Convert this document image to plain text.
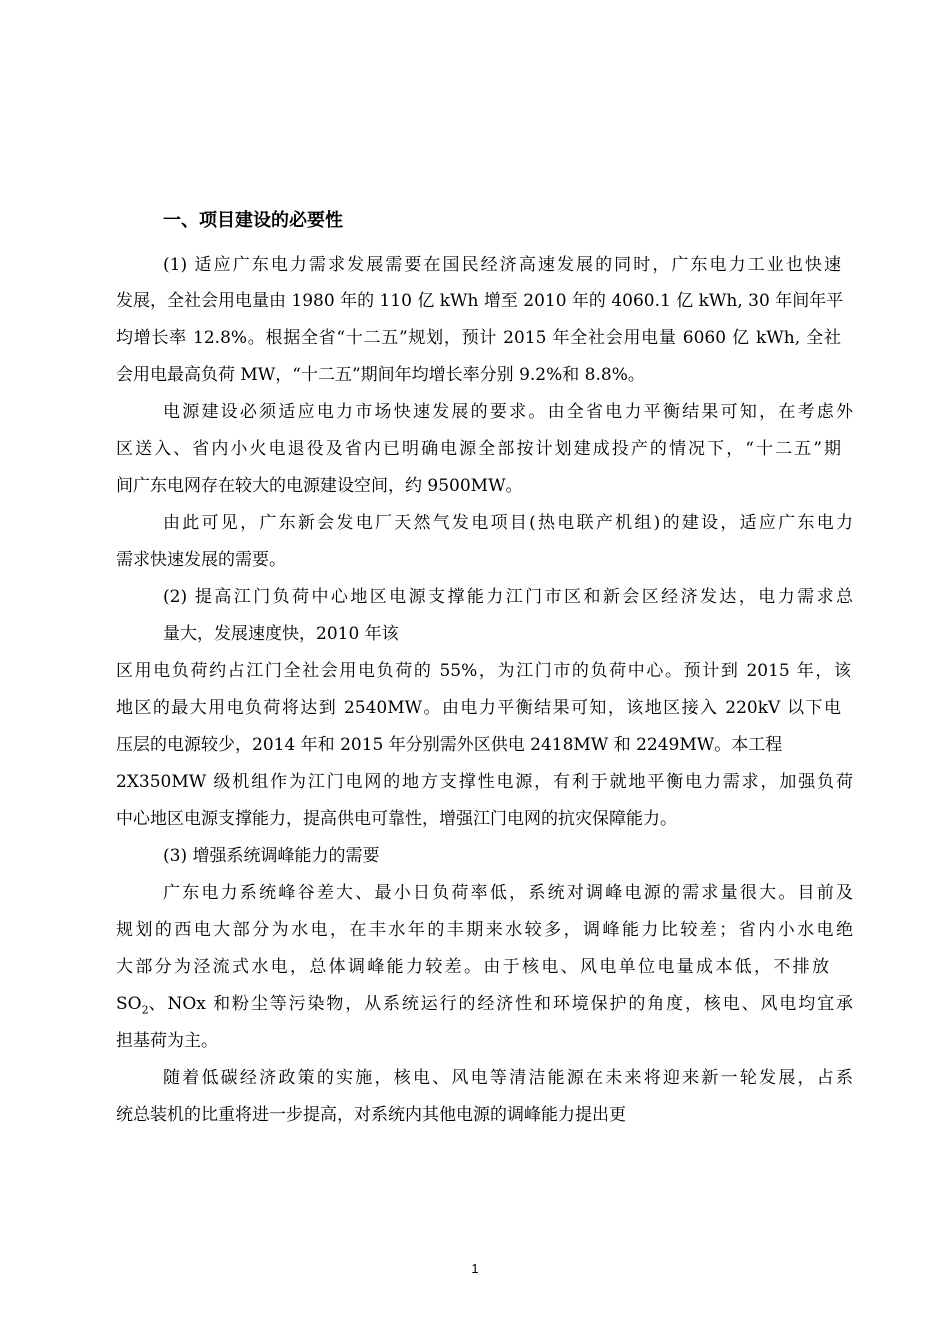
一、项目建设的必要性
(1) 适应广东电力需求发展需要在国民经济高速发展的同时，广东电力工业也快速
发展，全社会用电量由 1980 年的 110 亿 kWh 增至 2010 年的 4060.1 亿 kWh, 30 年间年平
均增长率 12.8%。根据全省“十二五”规划，预计 2015 年全社会用电量 6060 亿 kWh, 全社
会用电最高负荷 MW，“十二五”期间年均增长率分别 9.2%和 8.8%。
电源建设必须适应电力市场快速发展的要求。由全省电力平衡结果可知，在考虑外
区送入、省内小火电退役及省内已明确电源全部按计划建成投产的情况下，“十二五”期
间广东电网存在较大的电源建设空间，约 9500MW。
由此可见，广东新会发电厂天然气发电项目(热电联产机组)的建设，适应广东电力
需求快速发展的需要。
(2) 提高江门负荷中心地区电源支撑能力江门市区和新会区经济发达，电力需求总
量大，发展速度快，2010 年该
区用电负荷约占江门全社会用电负荷的 55%，为江门市的负荷中心。预计到 2015 年，该
地区的最大用电负荷将达到 2540MW。由电力平衡结果可知，该地区接入 220kV 以下电
压层的电源较少，2014 年和 2015 年分别需外区供电 2418MW 和 2249MW。本工程
2X350MW 级机组作为江门电网的地方支撑性电源，有利于就地平衡电力需求，加强负荷
中心地区电源支撑能力，提高供电可靠性，增强江门电网的抗灾保障能力。
(3) 增强系统调峰能力的需要
广东电力系统峰谷差大、最小日负荷率低，系统对调峰电源的需求量很大。目前及
规划的西电大部分为水电，在丰水年的丰期来水较多，调峰能力比较差；省内小水电绝
大部分为泾流式水电，总体调峰能力较差。由于核电、风电单位电量成本低，不排放
$SO_2$ 、NOx 和粉尘等污染物，从系统运行的经济性和环境保护的角度，核电、风电均宜承
担基荷为主。
随着低碳经济政策的实施，核电、风电等清洁能源在未来将迎来新一轮发展，占系
统总装机的比重将进一步提高，对系统内其他电源的调峰能力提出更
1
